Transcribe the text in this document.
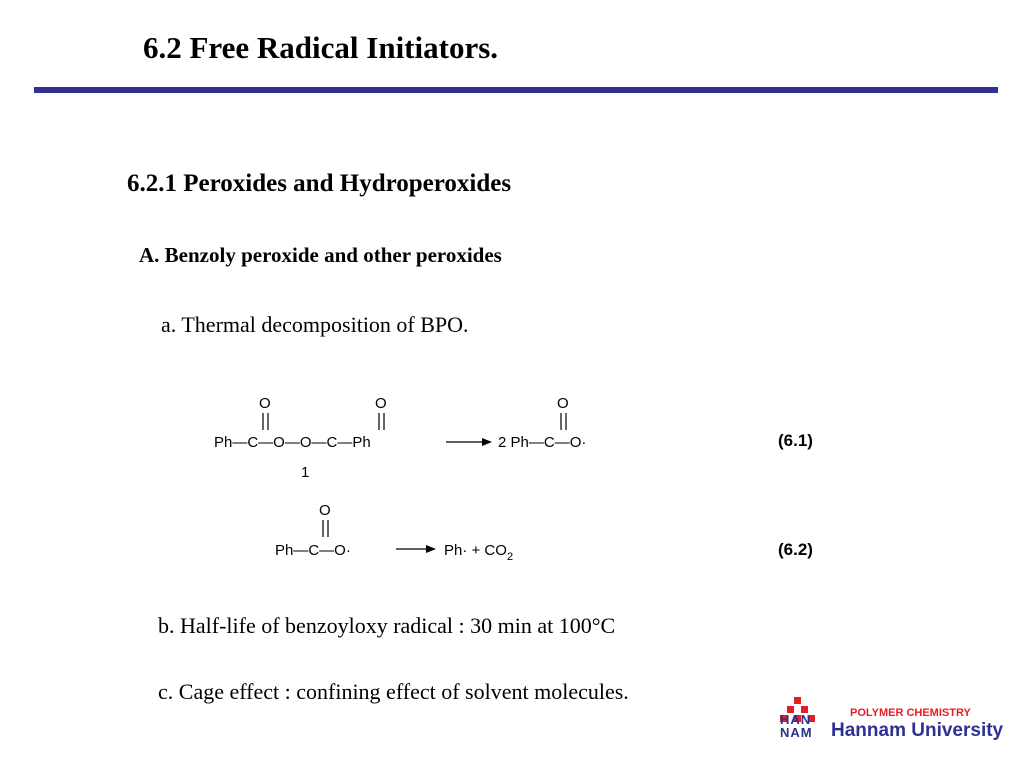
6.2 Free Radical Initiators.
6.2.1 Peroxides and Hydroperoxides
A. Benzoly peroxide and other peroxides
a. Thermal decomposition of BPO.
Ph—C—O—O—C—Ph
O	O
1
2 Ph—C—O·
O
(6.1)
Ph—C—O·
O
$Ph\cdot + CO_2$	(6.2)
b. Half-life of benzoyloxy radical : 30 min at 100°C
c. Cage effect : confining effect of solvent molecules.
HAN
NAM
POLYMER CHEMISTRY
Hannam University
